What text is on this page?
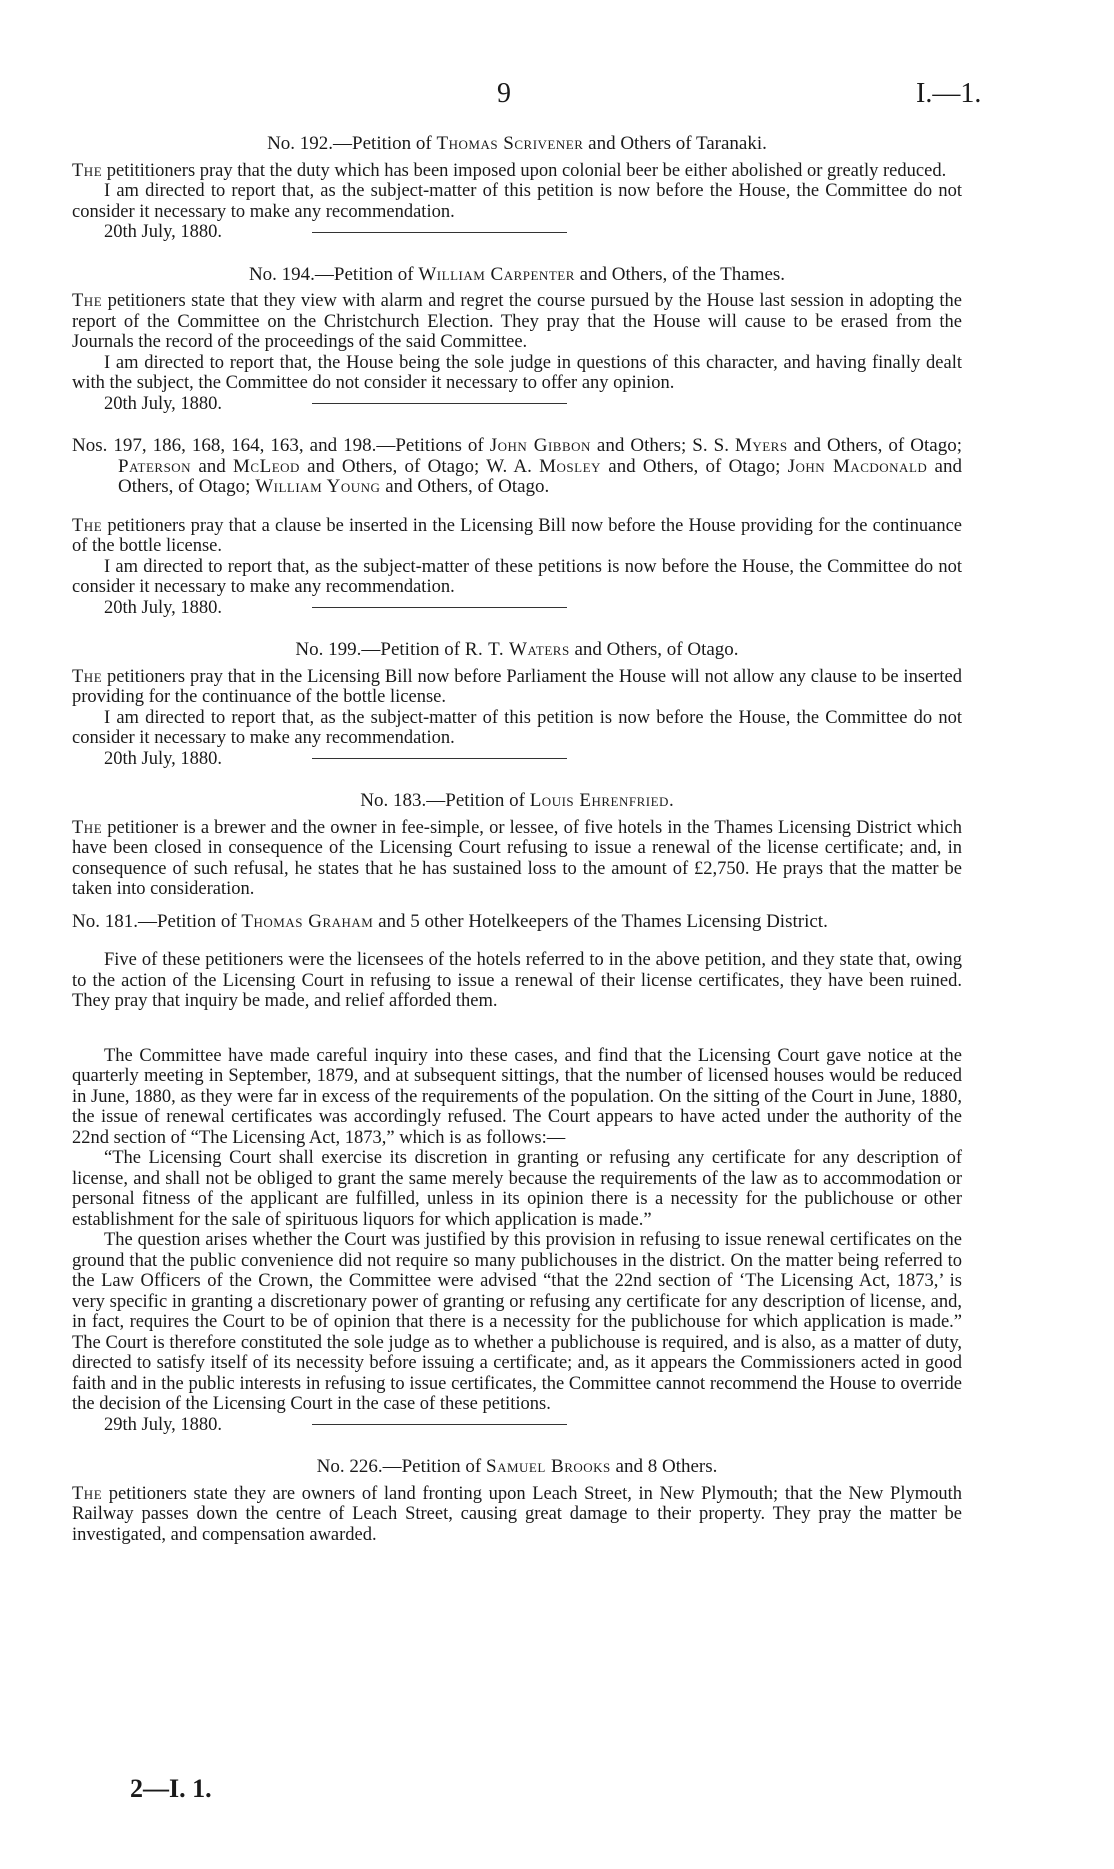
9	I.—1.
No. 192.—Petition of Thomas Scrivener and Others of Taranaki.

The petititioners pray that the duty which has been imposed upon colonial beer be either abolished or greatly reduced.

I am directed to report that, as the subject-matter of this petition is now before the House, the Committee do not consider it necessary to make any recommendation.

20th July, 1880.
No. 194.—Petition of William Carpenter and Others, of the Thames.

The petitioners state that they view with alarm and regret the course pursued by the House last session in adopting the report of the Committee on the Christchurch Election. They pray that the House will cause to be erased from the Journals the record of the proceedings of the said Committee.

I am directed to report that, the House being the sole judge in questions of this character, and having finally dealt with the subject, the Committee do not consider it necessary to offer any opinion.

20th July, 1880.
Nos. 197, 186, 168, 164, 163, and 198.—Petitions of John Gibbon and Others; S. S. Myers and Others, of Otago; Paterson and McLeod and Others, of Otago; W. A. Mosley and Others, of Otago; John Macdonald and Others, of Otago; William Young and Others, of Otago.

The petitioners pray that a clause be inserted in the Licensing Bill now before the House providing for the continuance of the bottle license.

I am directed to report that, as the subject-matter of these petitions is now before the House, the Committee do not consider it necessary to make any recommendation.

20th July, 1880.
No. 199.—Petition of R. T. Waters and Others, of Otago.

The petitioners pray that in the Licensing Bill now before Parliament the House will not allow any clause to be inserted providing for the continuance of the bottle license.

I am directed to report that, as the subject-matter of this petition is now before the House, the Committee do not consider it necessary to make any recommendation.

20th July, 1880.
No. 183.—Petition of Louis Ehrenfried.

The petitioner is a brewer and the owner in fee-simple, or lessee, of five hotels in the Thames Licensing District which have been closed in consequence of the Licensing Court refusing to issue a renewal of the license certificate; and, in consequence of such refusal, he states that he has sustained loss to the amount of £2,750. He prays that the matter be taken into consideration.

No. 181.—Petition of Thomas Graham and 5 other Hotelkeepers of the Thames Licensing District.

Five of these petitioners were the licensees of the hotels referred to in the above petition, and they state that, owing to the action of the Licensing Court in refusing to issue a renewal of their license certificates, they have been ruined. They pray that inquiry be made, and relief afforded them.

The Committee have made careful inquiry into these cases, and find that the Licensing Court gave notice at the quarterly meeting in September, 1879, and at subsequent sittings, that the number of licensed houses would be reduced in June, 1880, as they were far in excess of the requirements of the population. On the sitting of the Court in June, 1880, the issue of renewal certificates was accordingly refused. The Court appears to have acted under the authority of the 22nd section of “The Licensing Act, 1873,” which is as follows:—

“The Licensing Court shall exercise its discretion in granting or refusing any certificate for any description of license, and shall not be obliged to grant the same merely because the requirements of the law as to accommodation or personal fitness of the applicant are fulfilled, unless in its opinion there is a necessity for the publichouse or other establishment for the sale of spirituous liquors for which application is made.”

The question arises whether the Court was justified by this provision in refusing to issue renewal certificates on the ground that the public convenience did not require so many publichouses in the district. On the matter being referred to the Law Officers of the Crown, the Committee were advised “that the 22nd section of ‘The Licensing Act, 1873,’ is very specific in granting a discretionary power of granting or refusing any certificate for any description of license, and, in fact, requires the Court to be of opinion that there is a necessity for the publichouse for which application is made.” The Court is therefore constituted the sole judge as to whether a publichouse is required, and is also, as a matter of duty, directed to satisfy itself of its necessity before issuing a certificate; and, as it appears the Commissioners acted in good faith and in the public interests in refusing to issue certificates, the Committee cannot recommend the House to override the decision of the Licensing Court in the case of these petitions.

29th July, 1880.
No. 226.—Petition of Samuel Brooks and 8 Others.

The petitioners state they are owners of land fronting upon Leach Street, in New Plymouth; that the New Plymouth Railway passes down the centre of Leach Street, causing great damage to their property. They pray the matter be investigated, and compensation awarded.

2—I. 1.
